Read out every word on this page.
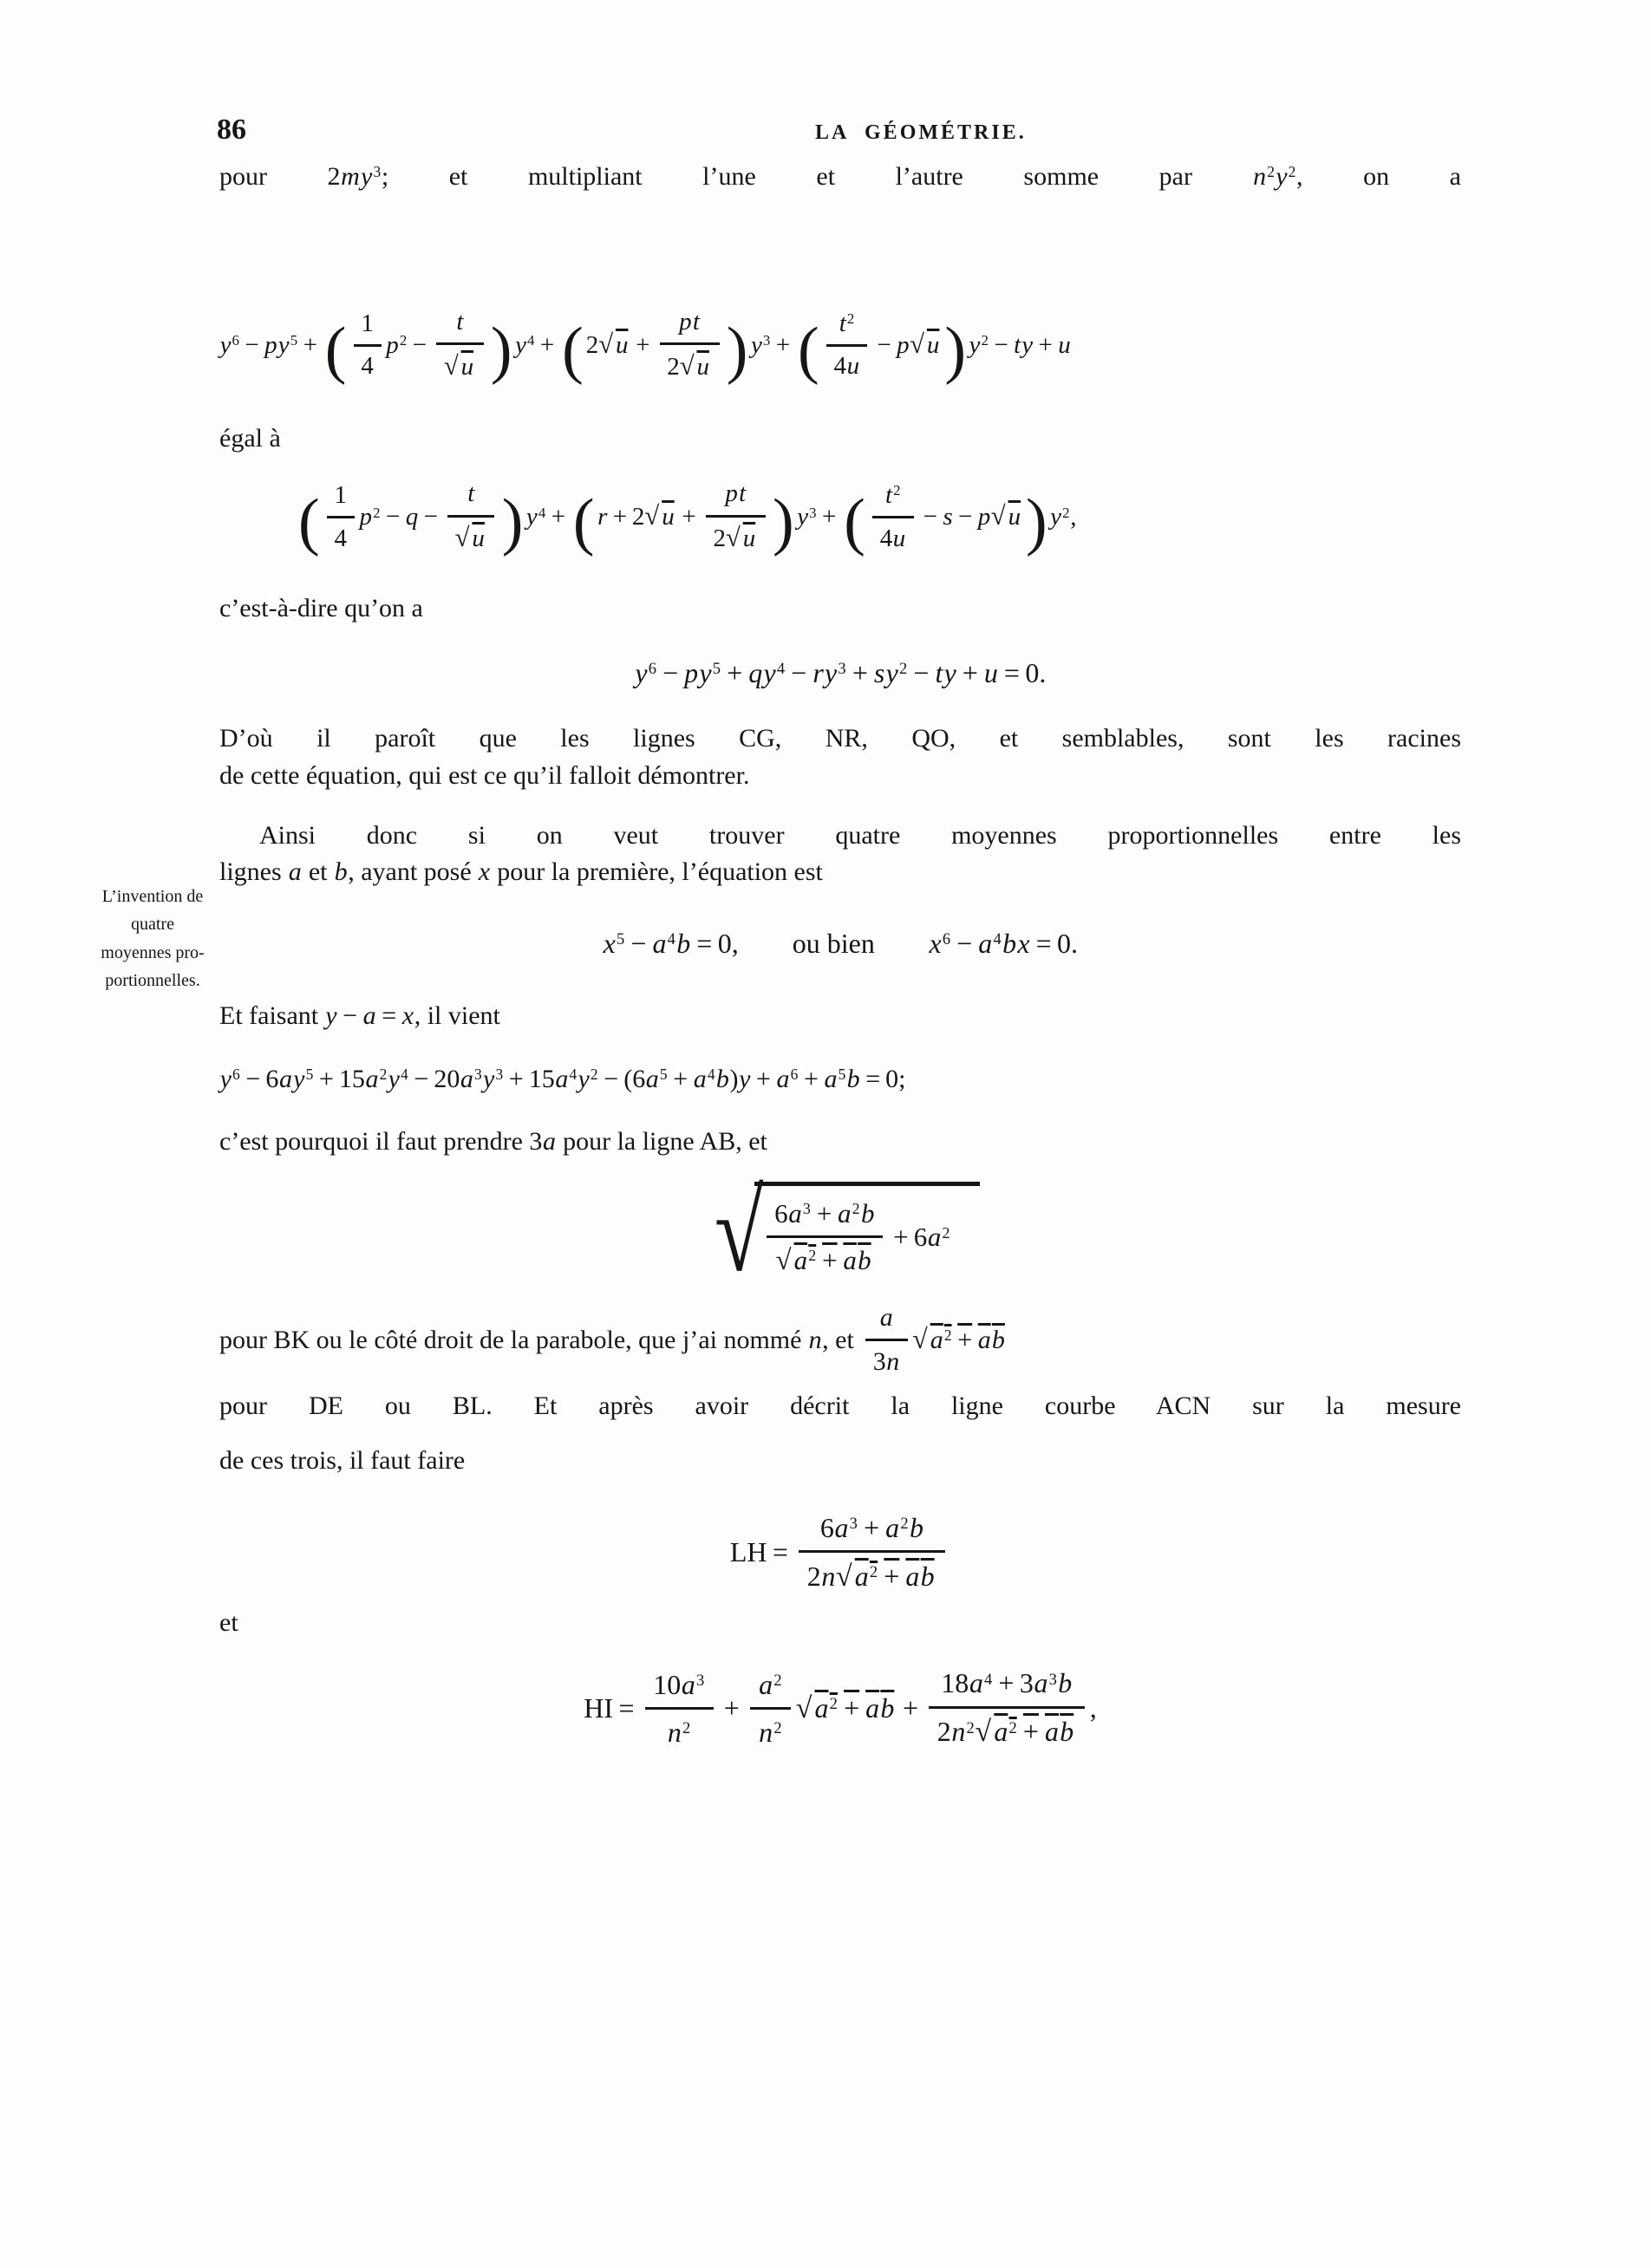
86	LA GÉOMÉTRIE.
L’invention de
quatre
moyennes pro-
portionnelles.
pour $2my^3$; et multipliant l’une et l’autre somme par $n^2y^2$, on a
$y^6 - py^5$ + ( $\frac{1}{4} p^2 - \frac{t}{√u}$ ) $y^4$ + ( $2√u + \frac{pt}{2√u}$ ) $y^3$ + ( $\frac{t^2}{4u} - p√u$) $y^2$ − ty + u
égal à
( $\frac{1}{4} p^2 - q - \frac{t}{√u}$ ) $y^4$ + ( $r + 2√u + \frac{pt}{2√u}$ ) $y^3$ + ( $\frac{t^2}{4u} - s - p√u$) $y^2$,
c’est-à-dire qu’on a
$y^6 - py^5 + qy^4 - ry^3 + sy^2$ − ty + u = 0.
D’où il paroît que les lignes CG, NR, QO, et semblables, sont les racines
de cette équation, qui est ce qu’il falloit démontrer.
Ainsi donc si on veut trouver quatre moyennes proportionnelles entre les
lignes a et b, ayant posé x pour la première, l’équation est
$x^5 - a^4b = 0$, ou bien $x^6 - a^4bx = 0$.
Et faisant y − a = x, il vient
$y^6 - 6ay^5 + 15a^2y^4 - 20a^3y^3 + 15a^4y^2 - (6a^5 + a^4b)y + a^6 + a^5b = 0$;
c’est pourquoi il faut prendre 3a pour la ligne AB, et
√ $\frac{6a^3 + a^2b}{√a^2 + ab} + 6a^2$
pour BK ou le côté droit de la parabole, que j’ai nommé n, et $\frac{a}{3n} √a^2$ + ab
pour DE ou BL. Et après avoir décrit la ligne courbe ACN sur la mesure
de ces trois, il faut faire
LH = $\frac{6a^3 + a^2b}{2n√a^2 + ab}$
et
HI = $\frac{10a^3}{n^2} + \frac{a^2}{n^2} √a^2$ + ab + $\frac{18a^4 + 3a^3b}{2n^2√a^2 + ab}$ ,
